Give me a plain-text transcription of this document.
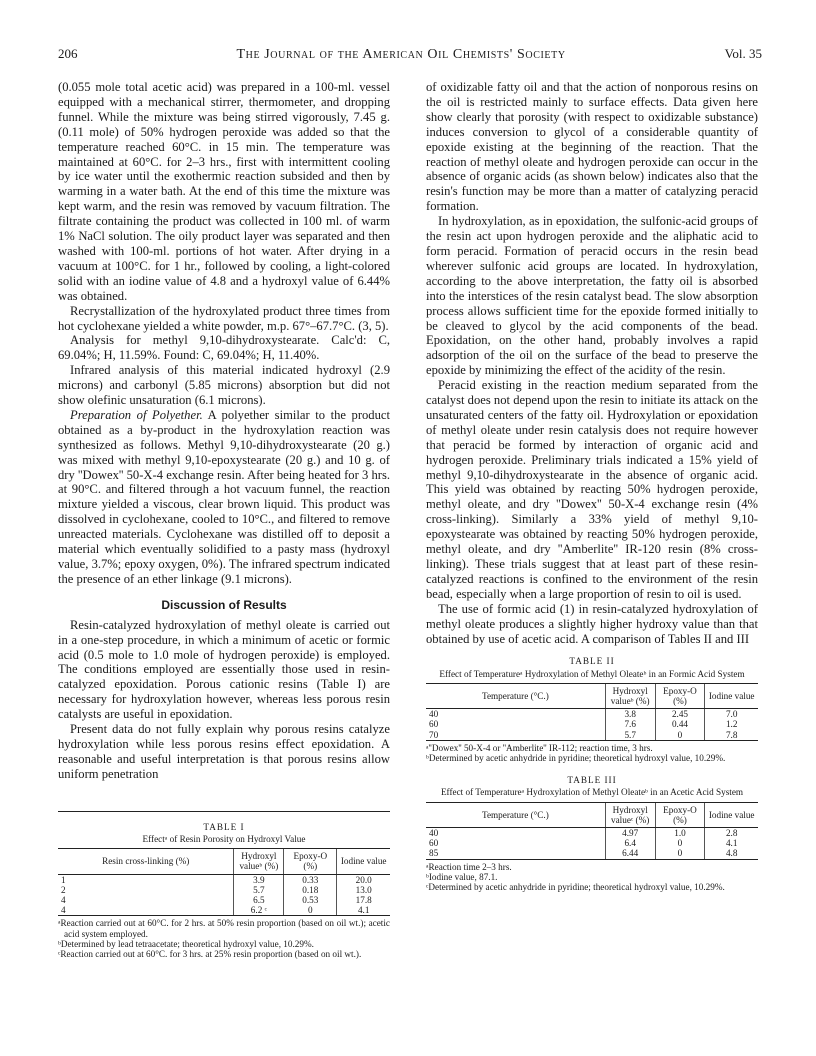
206	The Journal of the American Oil Chemists' Society	Vol. 35

(0.055 mole total acetic acid) was prepared in a 100-ml. vessel equipped with a mechanical stirrer, thermometer, and dropping funnel. While the mixture was being stirred vigorously, 7.45 g. (0.11 mole) of 50% hydrogen peroxide was added so that the temperature reached 60°C. in 15 min. The temperature was maintained at 60°C. for 2–3 hrs., first with intermittent cooling by ice water until the exothermic reaction subsided and then by warming in a water bath. At the end of this time the mixture was kept warm, and the resin was removed by vacuum filtration. The filtrate containing the product was collected in 100 ml. of warm 1% NaCl solution. The oily product layer was separated and then washed with 100-ml. portions of hot water. After drying in a vacuum at 100°C. for 1 hr., followed by cooling, a light-colored solid with an iodine value of 4.8 and a hydroxyl value of 6.44% was obtained.

Recrystallization of the hydroxylated product three times from hot cyclohexane yielded a white powder, m.p. 67°–67.7°C. (3, 5).

Analysis for methyl 9,10-dihydroxystearate. Calc'd: C, 69.04%; H, 11.59%. Found: C, 69.04%; H, 11.40%.

Infrared analysis of this material indicated hydroxyl (2.9 microns) and carbonyl (5.85 microns) absorption but did not show olefinic unsaturation (6.1 microns).

Preparation of Polyether. A polyether similar to the product obtained as a by-product in the hydroxylation reaction was synthesized as follows. Methyl 9,10-dihydroxystearate (20 g.) was mixed with methyl 9,10-epoxystearate (20 g.) and 10 g. of dry ''Dowex'' 50-X-4 exchange resin. After being heated for 3 hrs. at 90°C. and filtered through a hot vacuum funnel, the reaction mixture yielded a viscous, clear brown liquid. This product was dissolved in cyclohexane, cooled to 10°C., and filtered to remove unreacted materials. Cyclohexane was distilled off to deposit a material which eventually solidified to a pasty mass (hydroxyl value, 3.7%; epoxy oxygen, 0%). The infrared spectrum indicated the presence of an ether linkage (9.1 microns).

Discussion of Results

Resin-catalyzed hydroxylation of methyl oleate is carried out in a one-step procedure, in which a minimum of acetic or formic acid (0.5 mole to 1.0 mole of hydrogen peroxide) is employed. The conditions employed are essentially those used in resin-catalyzed epoxidation. Porous cationic resins (Table I) are necessary for hydroxylation however, whereas less porous resin catalysts are useful in epoxidation.

Present data do not fully explain why porous resins catalyze hydroxylation while less porous resins effect epoxidation. A reasonable and useful interpretation is that porous resins allow uniform penetration

TABLE I
Effectᵃ of Resin Porosity on Hydroxyl Value
Resin cross-linking (%)	Hydroxyl valueᵇ (%)	Epoxy-O (%)	Iodine value
1	3.9	0.33	20.0
2	5.7	0.18	13.0
4	6.5	0.53	17.8
4	6.2 ᶜ	0	4.1
ᵃReaction carried out at 60°C. for 2 hrs. at 50% resin proportion (based on oil wt.); acetic acid system employed.
ᵇDetermined by lead tetraacetate; theoretical hydroxyl value, 10.29%.
ᶜReaction carried out at 60°C. for 3 hrs. at 25% resin proportion (based on oil wt.).

of oxidizable fatty oil and that the action of nonporous resins on the oil is restricted mainly to surface effects. Data given here show clearly that porosity (with respect to oxidizable substance) induces conversion to glycol of a considerable quantity of epoxide existing at the beginning of the reaction. That the reaction of methyl oleate and hydrogen peroxide can occur in the absence of organic acids (as shown below) indicates also that the resin's function may be more than a matter of catalyzing peracid formation.

In hydroxylation, as in epoxidation, the sulfonic-acid groups of the resin act upon hydrogen peroxide and the aliphatic acid to form peracid. Formation of peracid occurs in the resin bead wherever sulfonic acid groups are located. In hydroxylation, according to the above interpretation, the fatty oil is absorbed into the interstices of the resin catalyst bead. The slow absorption process allows sufficient time for the epoxide formed initially to be cleaved to glycol by the acid components of the bead. Epoxidation, on the other hand, probably involves a rapid adsorption of the oil on the surface of the bead to preserve the epoxide by minimizing the effect of the acidity of the resin.

Peracid existing in the reaction medium separated from the catalyst does not depend upon the resin to initiate its attack on the unsaturated centers of the fatty oil. Hydroxylation or epoxidation of methyl oleate under resin catalysis does not require however that peracid be formed by interaction of organic acid and hydrogen peroxide. Preliminary trials indicated a 15% yield of methyl 9,10-dihydroxystearate in the absence of organic acid. This yield was obtained by reacting 50% hydrogen peroxide, methyl oleate, and dry ''Dowex'' 50-X-4 exchange resin (4% cross-linking). Similarly a 33% yield of methyl 9,10-epoxystearate was obtained by reacting 50% hydrogen peroxide, methyl oleate, and dry ''Amberlite'' IR-120 resin (8% cross-linking). These trials suggest that at least part of these resin-catalyzed reactions is confined to the environment of the resin bead, especially when a large proportion of resin to oil is used.

The use of formic acid (1) in resin-catalyzed hydroxylation of methyl oleate produces a slightly higher hydroxy value than that obtained by use of acetic acid. A comparison of Tables II and III

TABLE II
Effect of Temperatureᵃ Hydroxylation of Methyl Oleateᵇ in an Formic Acid System
Temperature (°C.)	Hydroxyl valueᵇ (%)	Epoxy-O (%)	Iodine value
40	3.8	2.45	7.0
60	7.6	0.44	1.2
70	5.7	0	7.8
ᵃ''Dowex'' 50-X-4 or ''Amberlite'' IR-112; reaction time, 3 hrs.
ᵇDetermined by acetic anhydride in pyridine; theoretical hydroxyl value, 10.29%.
TABLE III
Effect of Temperatureᵃ Hydroxylation of Methyl Oleateᵇ in an Acetic Acid System
Temperature (°C.)	Hydroxyl valueᶜ (%)	Epoxy-O (%)	Iodine value
40	4.97	1.0	2.8
60	6.4	0	4.1
85	6.44	0	4.8
ᵃReaction time 2–3 hrs.
ᵇIodine value, 87.1.
ᶜDetermined by acetic anhydride in pyridine; theoretical hydroxyl value, 10.29%.
